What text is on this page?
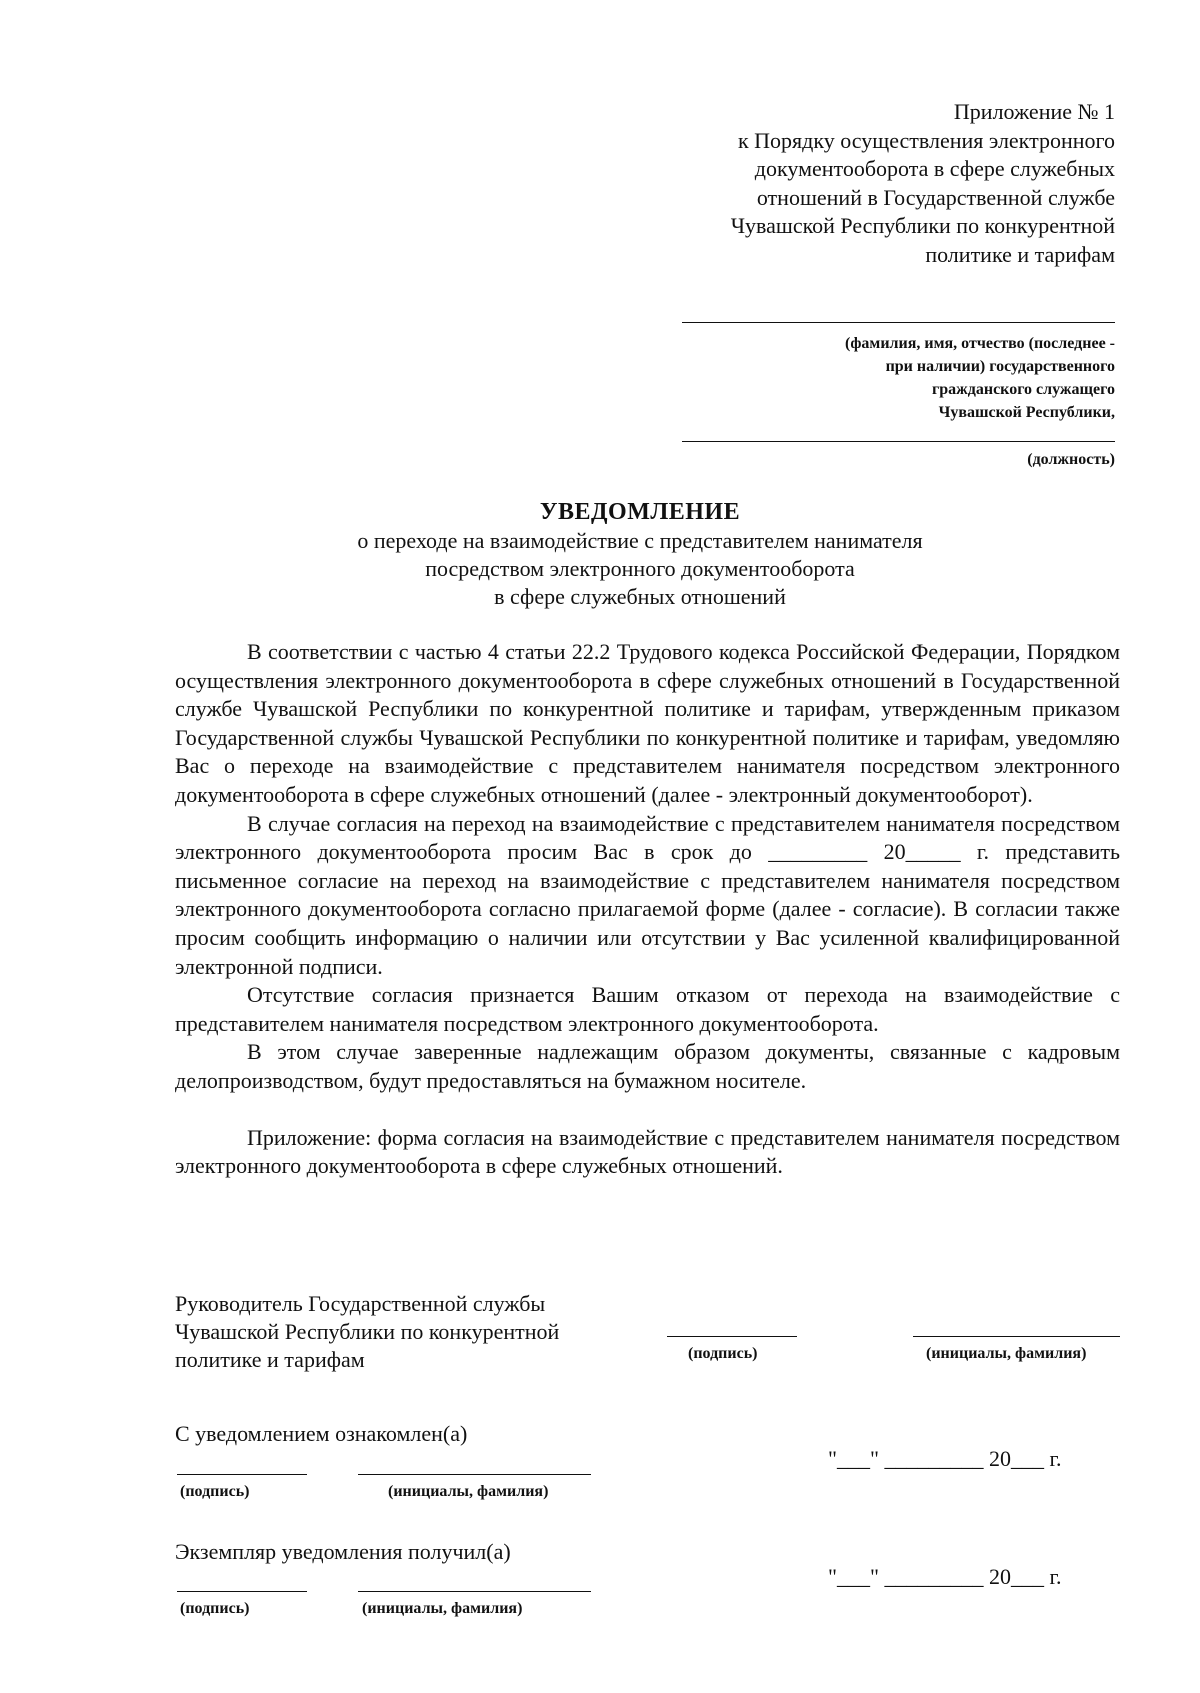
Приложение № 1
к Порядку осуществления электронного
документооборота в сфере служебных
отношений в Государственной службе
Чувашской Республики по конкурентной
политике и тарифам
(фамилия, имя, отчество (последнее -
при наличии) государственного
гражданского служащего
Чувашской Республики,
(должность)
УВЕДОМЛЕНИЕ
о переходе на взаимодействие с представителем нанимателя
посредством электронного документооборота
в сфере служебных отношений

В соответствии с частью 4 статьи 22.2 Трудового кодекса Российской Федерации, Порядком осуществления электронного документооборота в сфере служебных отношений в Государственной службе Чувашской Республики по конкурентной политике и тарифам, утвержденным приказом Государственной службы Чувашской Республики по конкурентной политике и тарифам, уведомляю Вас о переходе на взаимодействие с представителем нанимателя посредством электронного документооборота в сфере служебных отношений (далее - электронный документооборот).

В случае согласия на переход на взаимодействие с представителем нанимателя посредством электронного документооборота просим Вас в срок до _________ 20_____ г. представить письменное согласие на переход на взаимодействие с представителем нанимателя посредством электронного документооборота согласно прилагаемой форме (далее - согласие). В согласии также просим сообщить информацию о наличии или отсутствии у Вас усиленной квалифицированной электронной подписи.

Отсутствие согласия признается Вашим отказом от перехода на взаимодействие с представителем нанимателя посредством электронного документооборота.

В этом случае заверенные надлежащим образом документы, связанные с кадровым делопроизводством, будут предоставляться на бумажном носителе.

Приложение: форма согласия на взаимодействие с представителем нанимателя посредством электронного документооборота в сфере служебных отношений.

Руководитель Государственной службы
Чувашской Республики по конкурентной
политике и тарифам	(подпись)	(инициалы, фамилия)
С уведомлением ознакомлен(а)
(подпись)	(инициалы, фамилия)
"___" _________ 20___ г.
Экземпляр уведомления получил(а)
(подпись)	(инициалы, фамилия)
"___" _________ 20___ г.
